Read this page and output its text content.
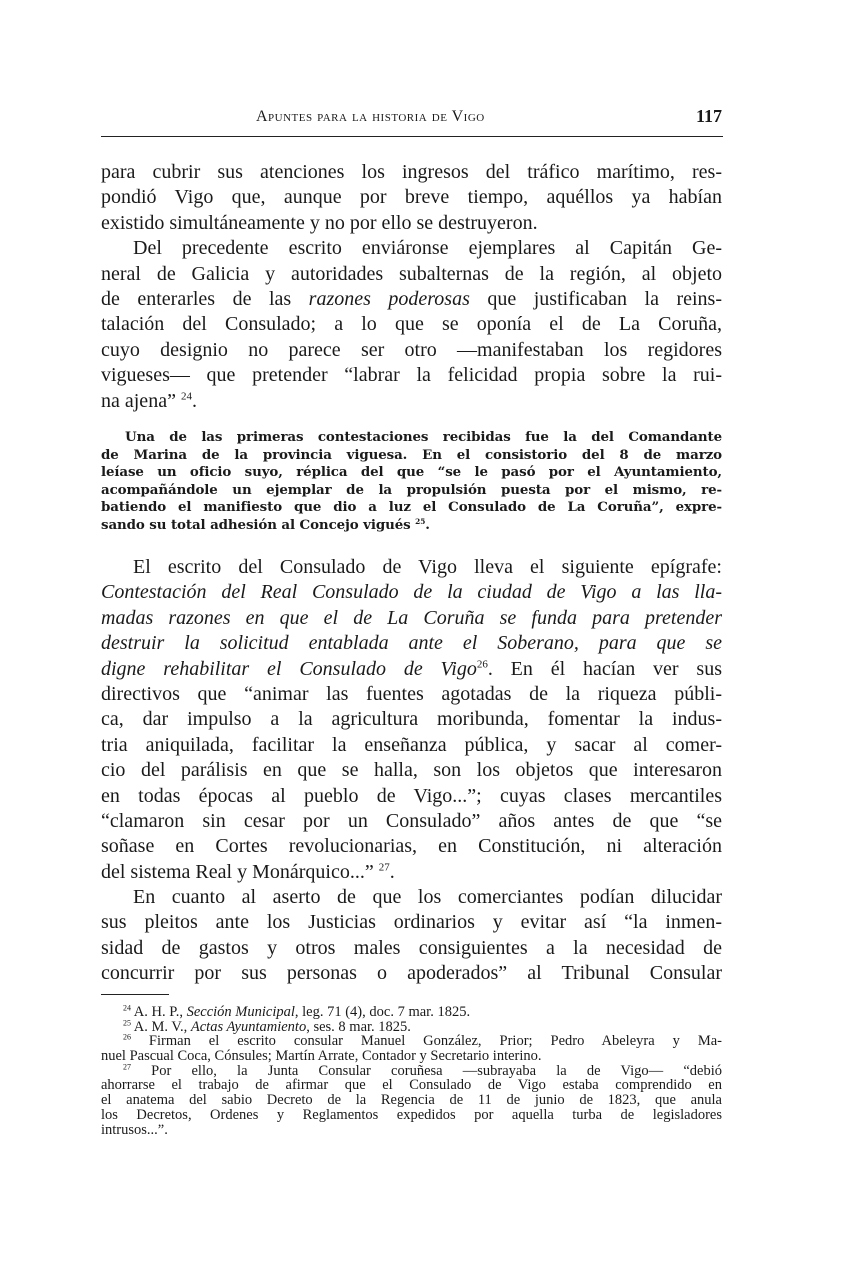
Apuntes para la historia de Vigo	117
para cubrir sus atenciones los ingresos del tráfico marítimo, res-
pondió Vigo que, aunque por breve tiempo, aquéllos ya habían
existido simultáneamente y no por ello se destruyeron.
Del precedente escrito enviáronse ejemplares al Capitán Ge-
neral de Galicia y autoridades subalternas de la región, al objeto
de enterarles de las razones poderosas que justificaban la reins-
talación del Consulado; a lo que se oponía el de La Coruña,
cuyo designio no parece ser otro —manifestaban los regidores
vigueses— que pretender “labrar la felicidad propia sobre la rui-
na ajena” $^{24}$.
Una de las primeras contestaciones recibidas fue la del Comandante
de Marina de la provincia viguesa. En el consistorio del 8 de marzo
leíase un oficio suyo, réplica del que “se le pasó por el Ayuntamiento,
acompañándole un ejemplar de la propulsión puesta por el mismo, re-
batiendo el manifiesto que dio a luz el Consulado de La Coruña”, expre-
sando su total adhesión al Concejo vigués $^{25}$.
El escrito del Consulado de Vigo lleva el siguiente epígrafe:
Contestación del Real Consulado de la ciudad de Vigo a las lla-
madas razones en que el de La Coruña se funda para pretender
destruir la solicitud entablada ante el Soberano, para que se
digne rehabilitar el Consulado de Vigo$^{26}$. En él hacían ver sus
directivos que “animar las fuentes agotadas de la riqueza públi-
ca, dar impulso a la agricultura moribunda, fomentar la indus-
tria aniquilada, facilitar la enseñanza pública, y sacar al comer-
cio del parálisis en que se halla, son los objetos que interesaron
en todas épocas al pueblo de Vigo...”; cuyas clases mercantiles
“clamaron sin cesar por un Consulado” años antes de que “se
soñase en Cortes revolucionarias, en Constitución, ni alteración
del sistema Real y Monárquico...” $^{27}$.
En cuanto al aserto de que los comerciantes podían dilucidar
sus pleitos ante los Justicias ordinarios y evitar así “la inmen-
sidad de gastos y otros males consiguientes a la necesidad de
concurrir por sus personas o apoderados” al Tribunal Consular
$^{24}$ A. H. P., Sección Municipal, leg. 71 (4), doc. 7 mar. 1825.
$^{25}$ A. M. V., Actas Ayuntamiento, ses. 8 mar. 1825.
$^{26}$ Firman el escrito consular Manuel González, Prior; Pedro Abeleyra y Ma-
nuel Pascual Coca, Cónsules; Martín Arrate, Contador y Secretario interino.
$^{27}$ Por ello, la Junta Consular coruñesa —subrayaba la de Vigo— “debió
ahorrarse el trabajo de afirmar que el Consulado de Vigo estaba comprendido en
el anatema del sabio Decreto de la Regencia de 11 de junio de 1823, que anula
los Decretos, Ordenes y Reglamentos expedidos por aquella turba de legisladores
intrusos...”.
